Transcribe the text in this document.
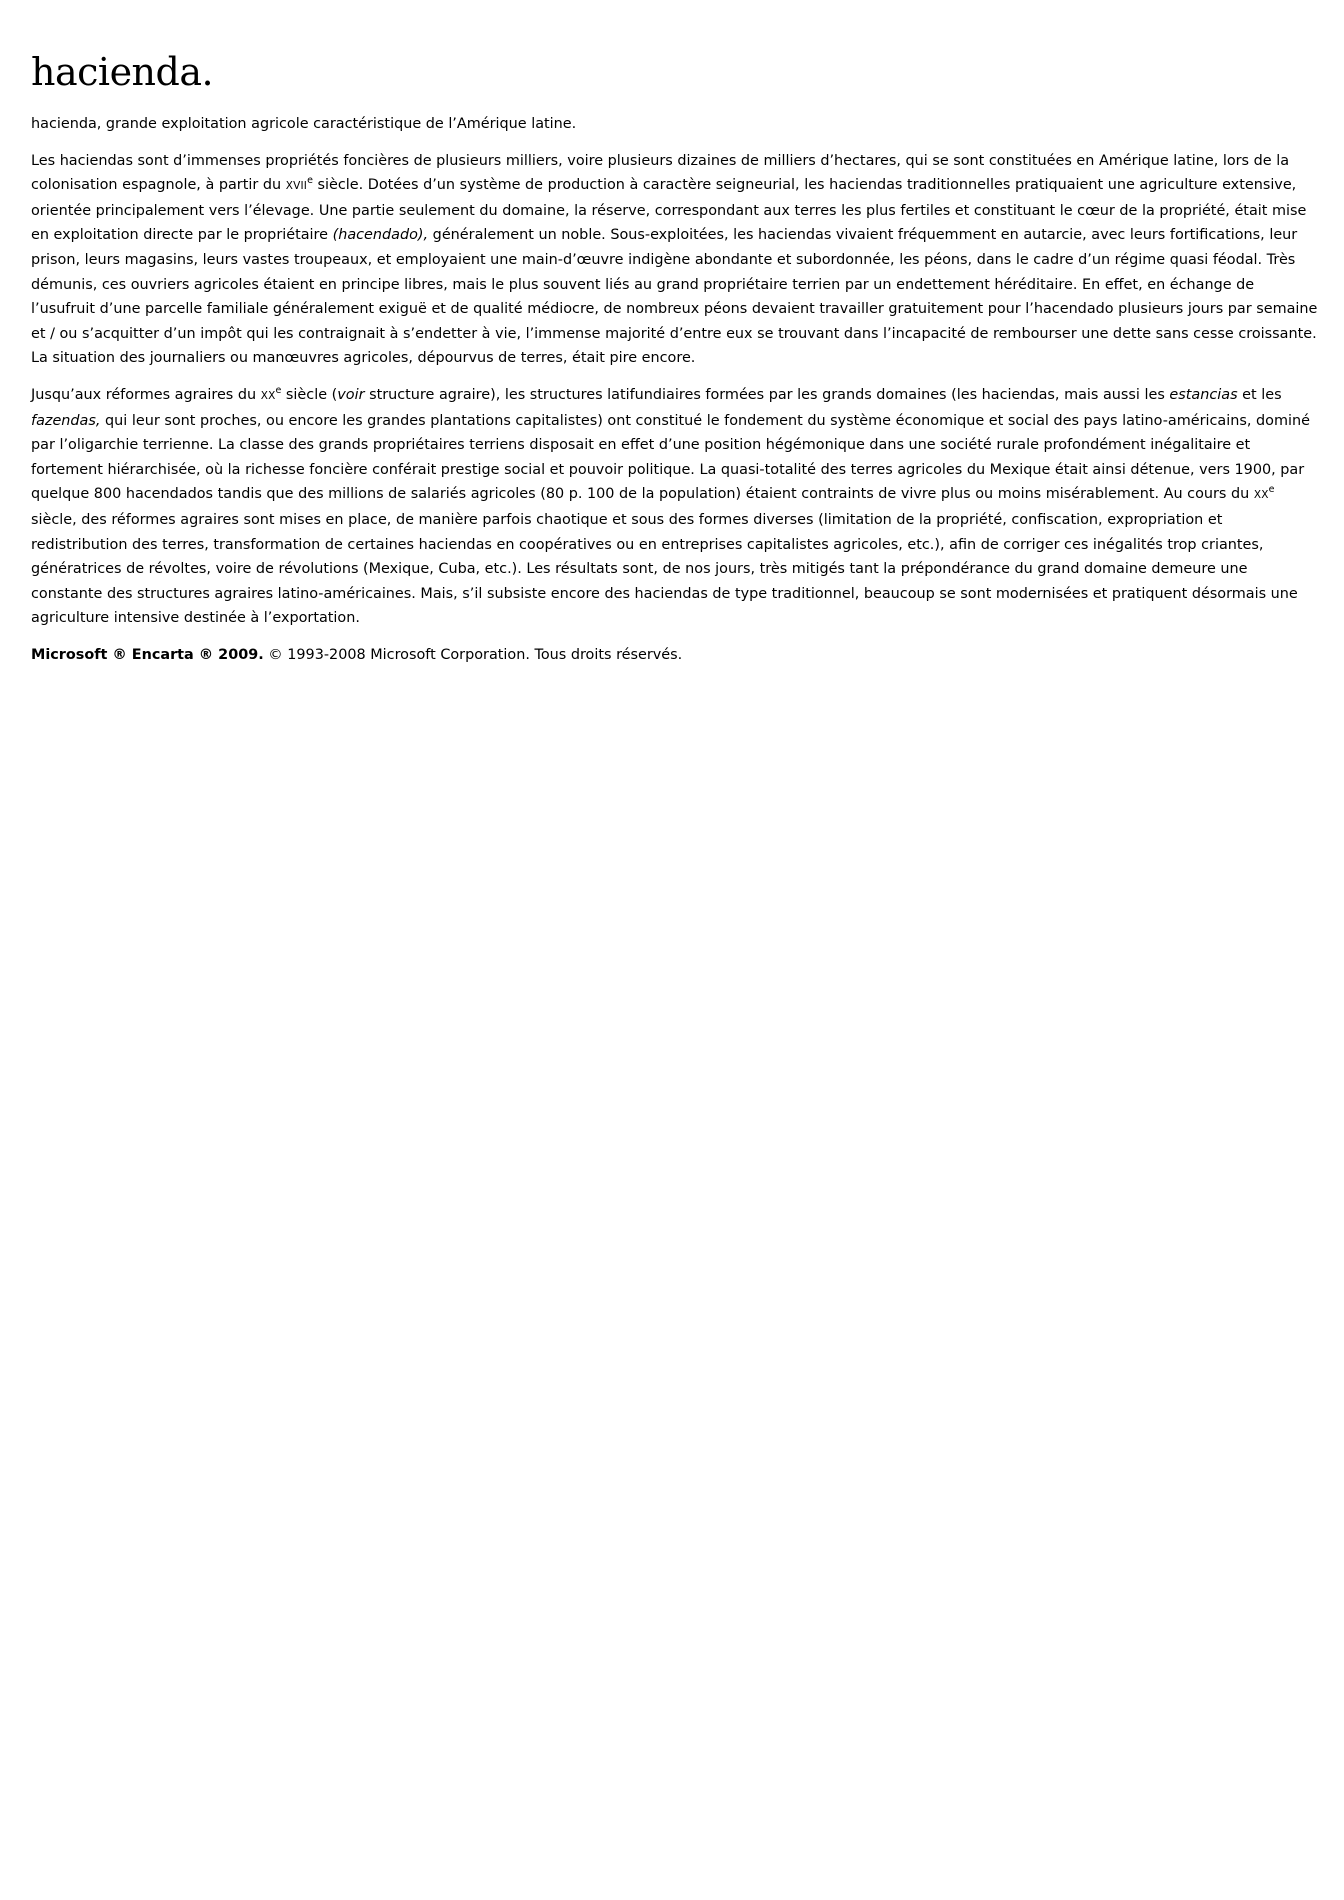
hacienda.

hacienda, grande exploitation agricole caractéristique de l’Amérique latine.

Les haciendas sont d’immenses propriétés foncières de plusieurs milliers, voire plusieurs dizaines de milliers d’hectares, qui se sont constituées en Amérique latine, lors de la colonisation espagnole, à partir du XVIIe siècle. Dotées d’un système de production à caractère seigneurial, les haciendas traditionnelles pratiquaient une agriculture extensive, orientée principalement vers l’élevage. Une partie seulement du domaine, la réserve, correspondant aux terres les plus fertiles et constituant le cœur de la propriété, était mise en exploitation directe par le propriétaire (hacendado), généralement un noble. Sous-exploitées, les haciendas vivaient fréquemment en autarcie, avec leurs fortifications, leur prison, leurs magasins, leurs vastes troupeaux, et employaient une main-d’œuvre indigène abondante et subordonnée, les péons, dans le cadre d’un régime quasi féodal. Très démunis, ces ouvriers agricoles étaient en principe libres, mais le plus souvent liés au grand propriétaire terrien par un endettement héréditaire. En effet, en échange de l’usufruit d’une parcelle familiale généralement exiguë et de qualité médiocre, de nombreux péons devaient travailler gratuitement pour l’hacendado plusieurs jours par semaine et / ou s’acquitter d’un impôt qui les contraignait à s’endetter à vie, l’immense majorité d’entre eux se trouvant dans l’incapacité de rembourser une dette sans cesse croissante. La situation des journaliers ou manœuvres agricoles, dépourvus de terres, était pire encore.

Jusqu’aux réformes agraires du XXe siècle (voir structure agraire), les structures latifundiaires formées par les grands domaines (les haciendas, mais aussi les estancias et les fazendas, qui leur sont proches, ou encore les grandes plantations capitalistes) ont constitué le fondement du système économique et social des pays latino-américains, dominé par l’oligarchie terrienne. La classe des grands propriétaires terriens disposait en effet d’une position hégémonique dans une société rurale profondément inégalitaire et fortement hiérarchisée, où la richesse foncière conférait prestige social et pouvoir politique. La quasi-totalité des terres agricoles du Mexique était ainsi détenue, vers 1900, par quelque 800 hacendados tandis que des millions de salariés agricoles (80 p. 100 de la population) étaient contraints de vivre plus ou moins misérablement. Au cours du XXe siècle, des réformes agraires sont mises en place, de manière parfois chaotique et sous des formes diverses (limitation de la propriété, confiscation, expropriation et redistribution des terres, transformation de certaines haciendas en coopératives ou en entreprises capitalistes agricoles, etc.), afin de corriger ces inégalités trop criantes, génératrices de révoltes, voire de révolutions (Mexique, Cuba, etc.). Les résultats sont, de nos jours, très mitigés tant la prépondérance du grand domaine demeure une constante des structures agraires latino-américaines. Mais, s’il subsiste encore des haciendas de type traditionnel, beaucoup se sont modernisées et pratiquent désormais une agriculture intensive destinée à l’exportation.

Microsoft ® Encarta ® 2009. © 1993-2008 Microsoft Corporation. Tous droits réservés.
